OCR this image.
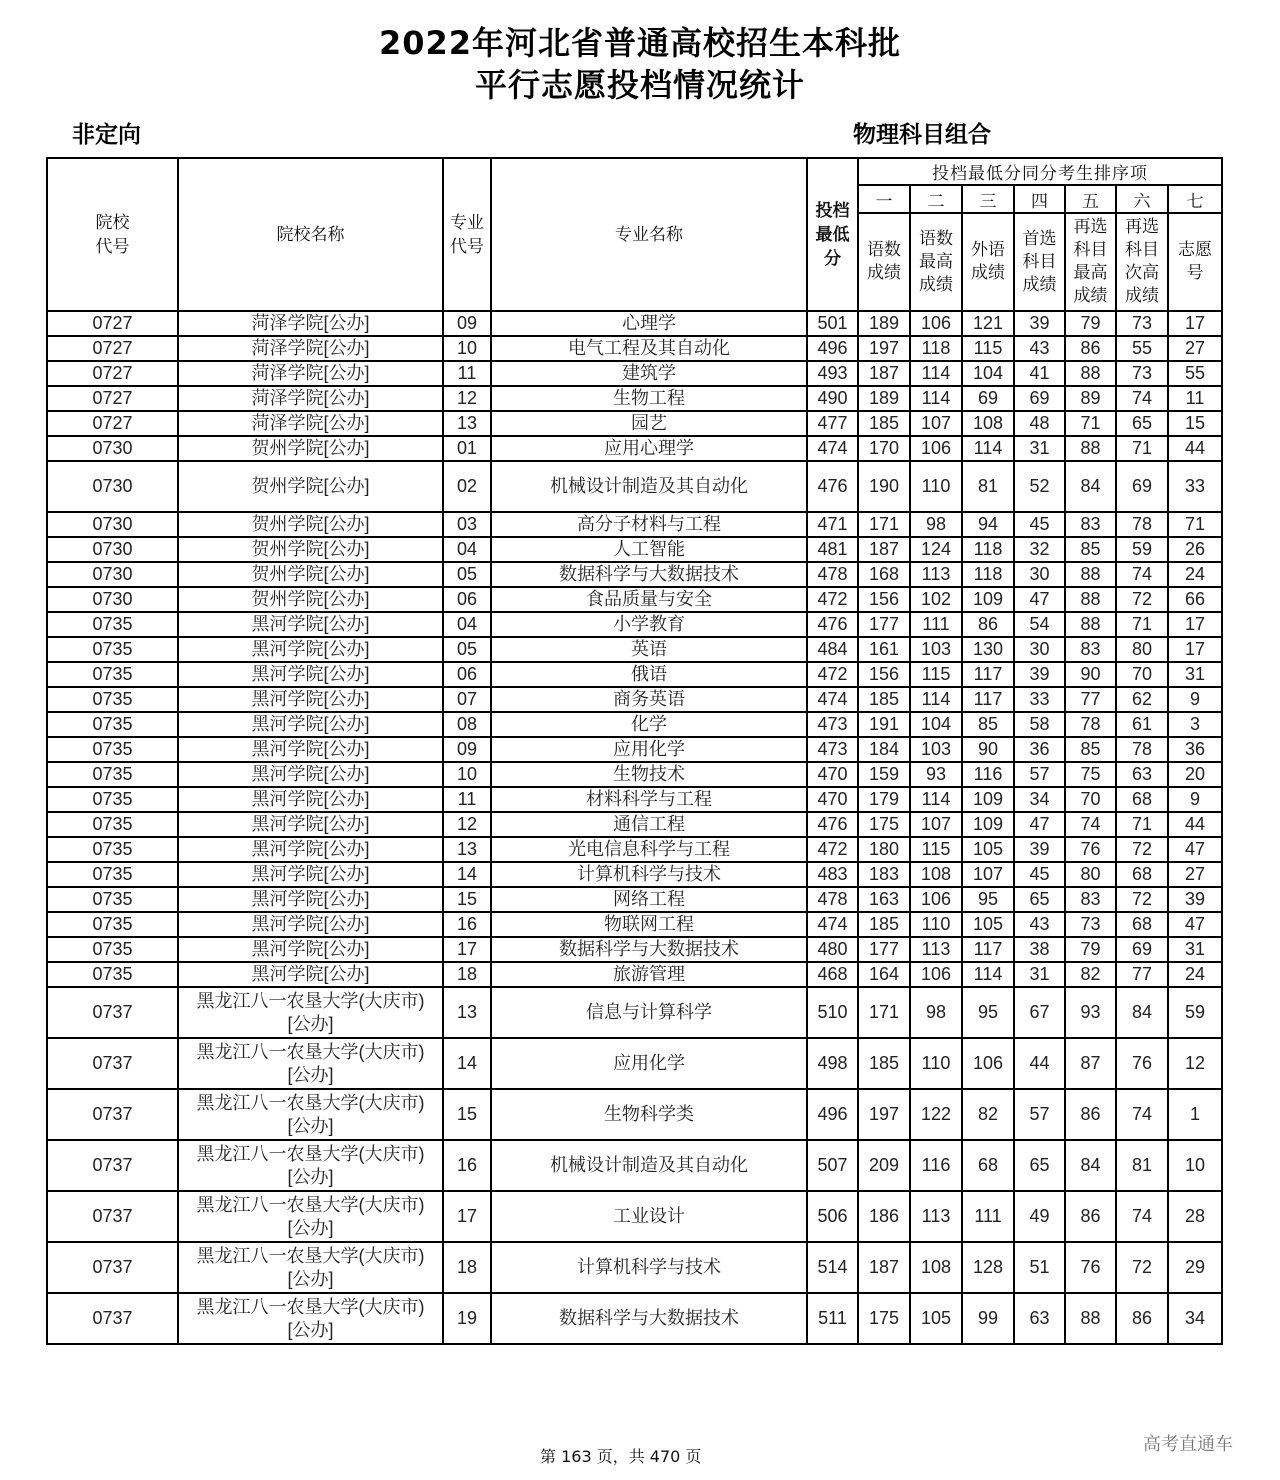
2022年河北省普通高校招生本科批
平行志愿投档情况统计
非定向	物理科目组合
院校代号	院校名称	专业代号	专业名称	投档最低分	投档最低分同分考生排序项						
					一	二	三	四	五	六	七
					语数成绩	语数最高成绩	外语成绩	首选科目成绩	再选科目最高成绩	再选科目次高成绩	志愿号
0727	菏泽学院[公办]	09	心理学	501	189	106	121	39	79	73	17
0727	菏泽学院[公办]	10	电气工程及其自动化	496	197	118	115	43	86	55	27
0727	菏泽学院[公办]	11	建筑学	493	187	114	104	41	88	73	55
0727	菏泽学院[公办]	12	生物工程	490	189	114	69	69	89	74	11
0727	菏泽学院[公办]	13	园艺	477	185	107	108	48	71	65	15
0730	贺州学院[公办]	01	应用心理学	474	170	106	114	31	88	71	44
0730	贺州学院[公办]	02	机械设计制造及其自动化	476	190	110	81	52	84	69	33
0730	贺州学院[公办]	03	高分子材料与工程	471	171	98	94	45	83	78	71
0730	贺州学院[公办]	04	人工智能	481	187	124	118	32	85	59	26
0730	贺州学院[公办]	05	数据科学与大数据技术	478	168	113	118	30	88	74	24
0730	贺州学院[公办]	06	食品质量与安全	472	156	102	109	47	88	72	66
0735	黑河学院[公办]	04	小学教育	476	177	111	86	54	88	71	17
0735	黑河学院[公办]	05	英语	484	161	103	130	30	83	80	17
0735	黑河学院[公办]	06	俄语	472	156	115	117	39	90	70	31
0735	黑河学院[公办]	07	商务英语	474	185	114	117	33	77	62	9
0735	黑河学院[公办]	08	化学	473	191	104	85	58	78	61	3
0735	黑河学院[公办]	09	应用化学	473	184	103	90	36	85	78	36
0735	黑河学院[公办]	10	生物技术	470	159	93	116	57	75	63	20
0735	黑河学院[公办]	11	材料科学与工程	470	179	114	109	34	70	68	9
0735	黑河学院[公办]	12	通信工程	476	175	107	109	47	74	71	44
0735	黑河学院[公办]	13	光电信息科学与工程	472	180	115	105	39	76	72	47
0735	黑河学院[公办]	14	计算机科学与技术	483	183	108	107	45	80	68	27
0735	黑河学院[公办]	15	网络工程	478	163	106	95	65	83	72	39
0735	黑河学院[公办]	16	物联网工程	474	185	110	105	43	73	68	47
0735	黑河学院[公办]	17	数据科学与大数据技术	480	177	113	117	38	79	69	31
0735	黑河学院[公办]	18	旅游管理	468	164	106	114	31	82	77	24
0737	黑龙江八一农垦大学(大庆市)[公办]	13	信息与计算科学	510	171	98	95	67	93	84	59
0737	黑龙江八一农垦大学(大庆市)[公办]	14	应用化学	498	185	110	106	44	87	76	12
0737	黑龙江八一农垦大学(大庆市)[公办]	15	生物科学类	496	197	122	82	57	86	74	1
0737	黑龙江八一农垦大学(大庆市)[公办]	16	机械设计制造及其自动化	507	209	116	68	65	84	81	10
0737	黑龙江八一农垦大学(大庆市)[公办]	17	工业设计	506	186	113	111	49	86	74	28
0737	黑龙江八一农垦大学(大庆市)[公办]	18	计算机科学与技术	514	187	108	128	51	76	72	29
0737	黑龙江八一农垦大学(大庆市)[公办]	19	数据科学与大数据技术	511	175	105	99	63	88	86	34
第 163 页，共 470 页
高考直通车
